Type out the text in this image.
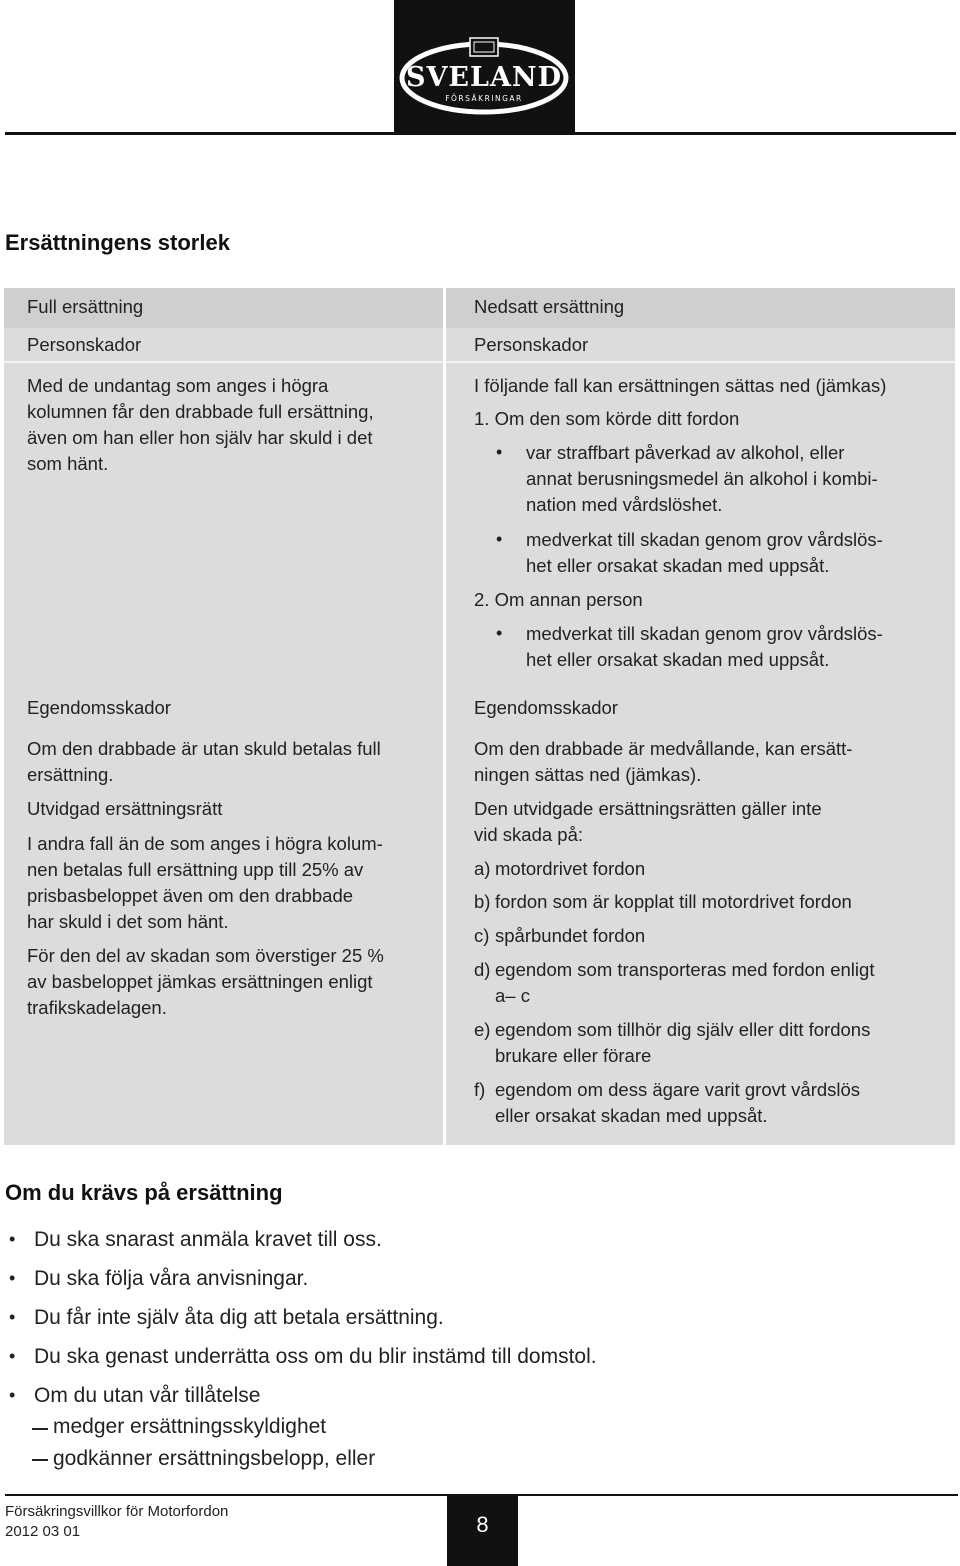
SVELAND
FÖRSÄKRINGAR
Ersättningens storlek
Full ersättning
Personskador
Med de undantag som anges i högra
kolumnen får den drabbade full ersättning,
även om han eller hon själv har skuld i det
som hänt.
Egendomsskador
Om den drabbade är utan skuld betalas full
ersättning.
Utvidgad ersättningsrätt
I andra fall än de som anges i högra kolum-
nen betalas full ersättning upp till 25% av
prisbasbeloppet även om den drabbade
har skuld i det som hänt.
För den del av skadan som överstiger 25 %
av basbeloppet jämkas ersättningen enligt
trafikskadelagen.
Nedsatt ersättning
Personskador
I följande fall kan ersättningen sättas ned (jämkas)
1. Om den som körde ditt fordon
• var straffbart påverkad av alkohol, eller
annat berusningsmedel än alkohol i kombi-
nation med vårdslöshet.
• medverkat till skadan genom grov vårdslös-
het eller orsakat skadan med uppsåt.
2. Om annan person
• medverkat till skadan genom grov vårdslös-
het eller orsakat skadan med uppsåt.
Egendomsskador
Om den drabbade är medvållande, kan ersätt-
ningen sättas ned (jämkas).
Den utvidgade ersättningsrätten gäller inte
vid skada på:
a) motordrivet fordon
b) fordon som är kopplat till motordrivet fordon
c) spårbundet fordon
d) egendom som transporteras med fordon enligt
a– c
e) egendom som tillhör dig själv eller ditt fordons
brukare eller förare
f) egendom om dess ägare varit grovt vårdslös
eller orsakat skadan med uppsåt.
Om du krävs på ersättning
• Du ska snarast anmäla kravet till oss.
• Du ska följa våra anvisningar.
• Du får inte själv åta dig att betala ersättning.
• Du ska genast underrätta oss om du blir instämd till domstol.
• Om du utan vår tillåtelse
medger ersättningsskyldighet
godkänner ersättningsbelopp, eller
Försäkringsvillkor för Motorfordon
2012 03 01	8
